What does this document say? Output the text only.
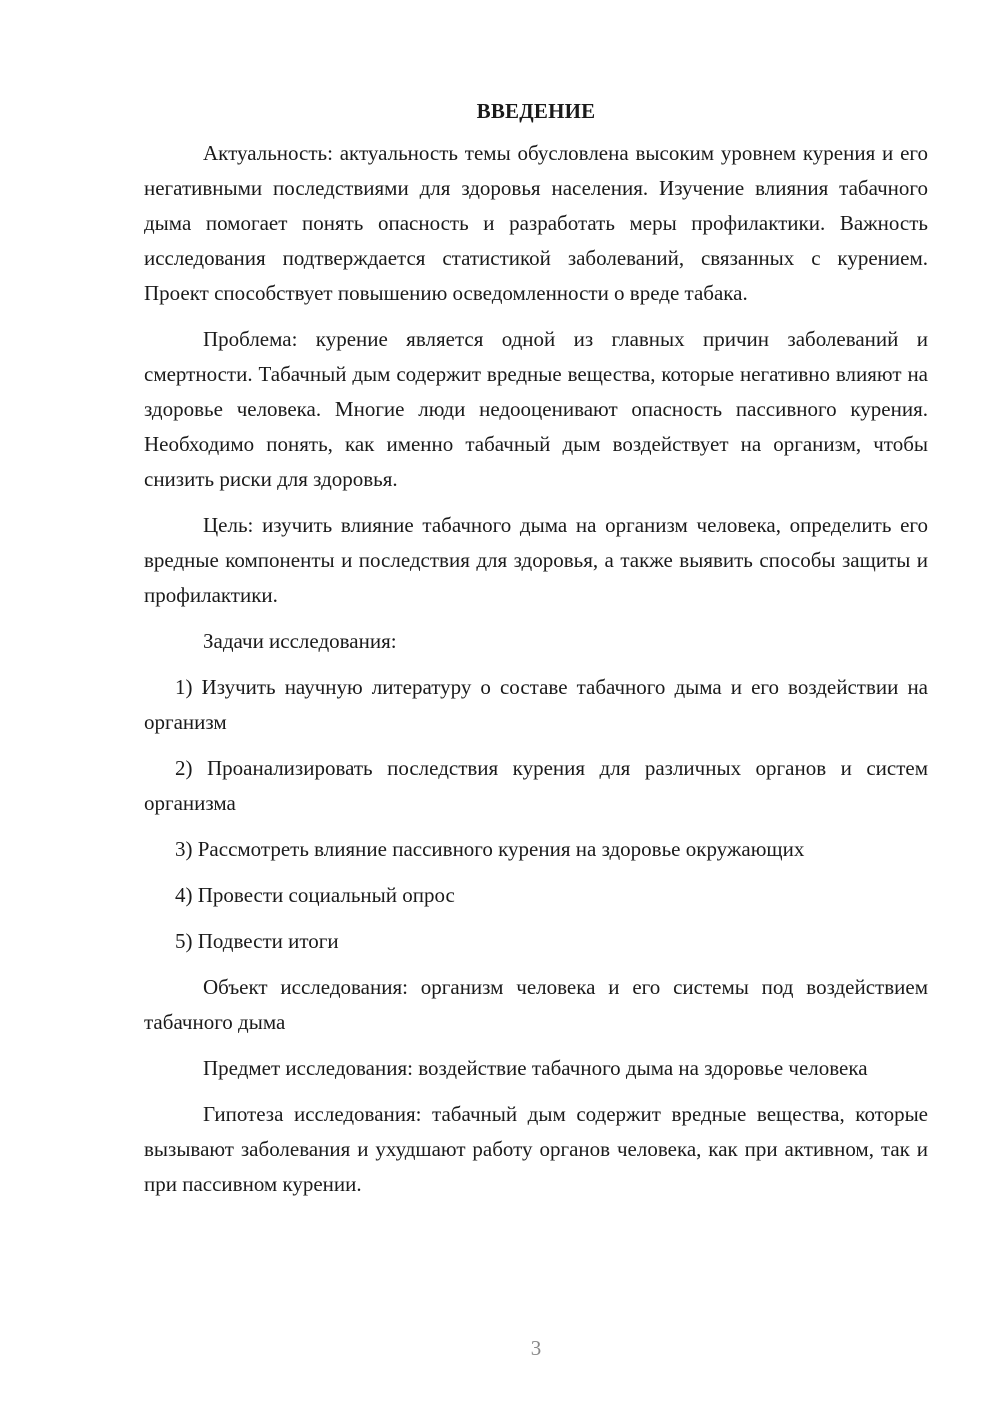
ВВЕДЕНИЕ

Актуальность: актуальность темы обусловлена высоким уровнем курения и его негативными последствиями для здоровья населения. Изучение влияния табачного дыма помогает понять опасность и разработать меры профилактики. Важность исследования подтверждается статистикой заболеваний, связанных с курением. Проект способствует повышению осведомленности о вреде табака.

Проблема: курение является одной из главных причин заболеваний и смертности. Табачный дым содержит вредные вещества, которые негативно влияют на здоровье человека. Многие люди недооценивают опасность пассивного курения. Необходимо понять, как именно табачный дым воздействует на организм, чтобы снизить риски для здоровья.

Цель: изучить влияние табачного дыма на организм человека, определить его вредные компоненты и последствия для здоровья, а также выявить способы защиты и профилактики.

Задачи исследования:

1) Изучить научную литературу о составе табачного дыма и его воздействии на организм

2) Проанализировать последствия курения для различных органов и систем организма

3) Рассмотреть влияние пассивного курения на здоровье окружающих

4) Провести социальный опрос

5) Подвести итоги

Объект исследования: организм человека и его системы под воздействием табачного дыма

Предмет исследования: воздействие табачного дыма на здоровье человека

Гипотеза исследования: табачный дым содержит вредные вещества, которые вызывают заболевания и ухудшают работу органов человека, как при активном, так и при пассивном курении.

3
